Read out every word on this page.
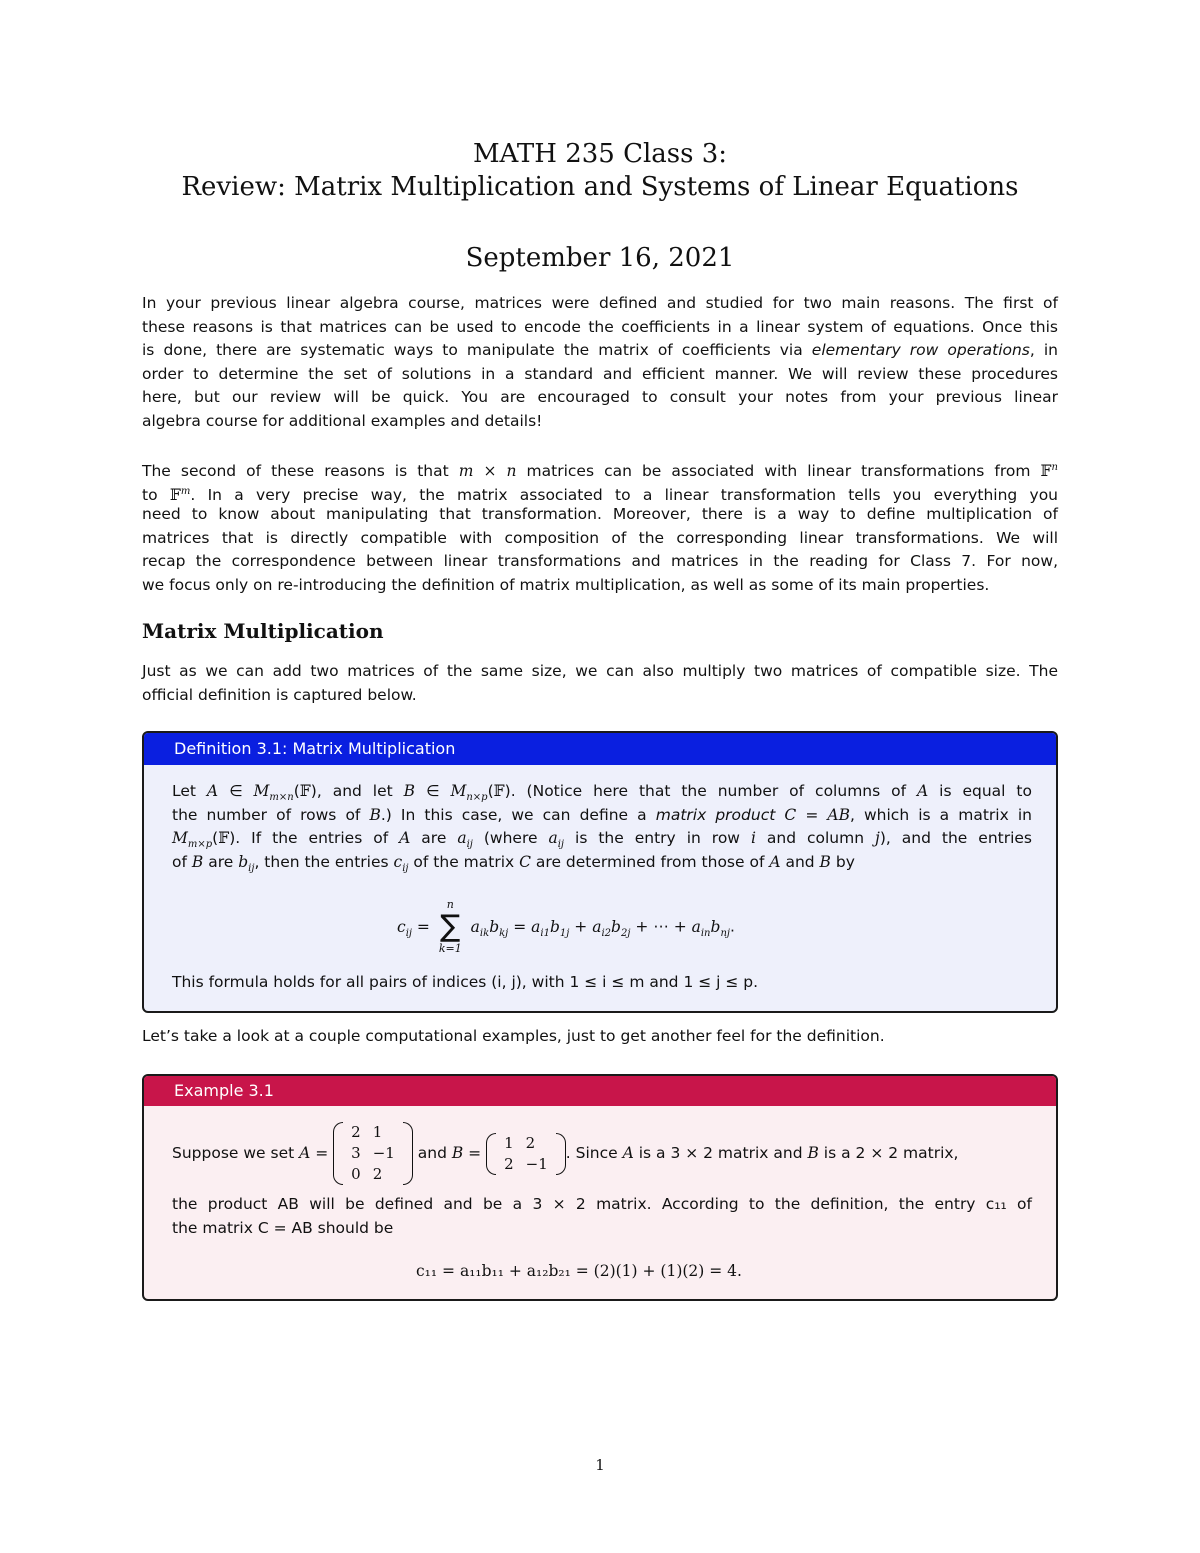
MATH 235 Class 3:
Review: Matrix Multiplication and Systems of Linear Equations
September 16, 2021
In your previous linear algebra course, matrices were defined and studied for two main reasons. The first of
these reasons is that matrices can be used to encode the coefficients in a linear system of equations. Once this
is done, there are systematic ways to manipulate the matrix of coefficients via elementary row operations, in
order to determine the set of solutions in a standard and efficient manner. We will review these procedures
here, but our review will be quick. You are encouraged to consult your notes from your previous linear
algebra course for additional examples and details!
The second of these reasons is that m × n matrices can be associated with linear transformations from 𝔽$^n$
to 𝔽$^m$. In a very precise way, the matrix associated to a linear transformation tells you everything you
need to know about manipulating that transformation. Moreover, there is a way to define multiplication of
matrices that is directly compatible with composition of the corresponding linear transformations. We will
recap the correspondence between linear transformations and matrices in the reading for Class 7. For now,
we focus only on re-introducing the definition of matrix multiplication, as well as some of its main properties.
Matrix Multiplication
Just as we can add two matrices of the same size, we can also multiply two matrices of compatible size. The
official definition is captured below.
Definition 3.1: Matrix Multiplication
Let A ∈ $M_{m\times n}(𝔽)$, and let B ∈ $M_{n\times p}(𝔽)$. (Notice here that the number of columns of A is equal to
the number of rows of B.) In this case, we can define a matrix product C = AB, which is a matrix in
$M_{m\times p}(𝔽)$. If the entries of A are $a_{ij}$ (where $a_{ij}$ is the entry in row i and column j), and the entries
of B are $b_{ij}$, then the entries $c_{ij}$ of the matrix C are determined from those of A and B by
$c_{ij}$ =
n
∑
k=1
$a_{ik}b_{kj} = a_{i1}b_{1j} + a_{i2}b_{2j}$ + ⋯ + $a_{in}b_{nj}$.
This formula holds for all pairs of indices (i, j), with 1 ≤ i ≤ m and 1 ≤ j ≤ p.
Let’s take a look at a couple computational examples, just to get another feel for the definition.
Example 3.1
Suppose we set A =
2	1
3	−1
0	2
and B =
1	2
2	−1
. Since A is a 3 × 2 matrix and B is a 2 × 2 matrix,
the product AB will be defined and be a 3 × 2 matrix. According to the definition, the entry c₁₁ of
the matrix C = AB should be
c₁₁ = a₁₁b₁₁ + a₁₂b₂₁ = (2)(1) + (1)(2) = 4.
1
